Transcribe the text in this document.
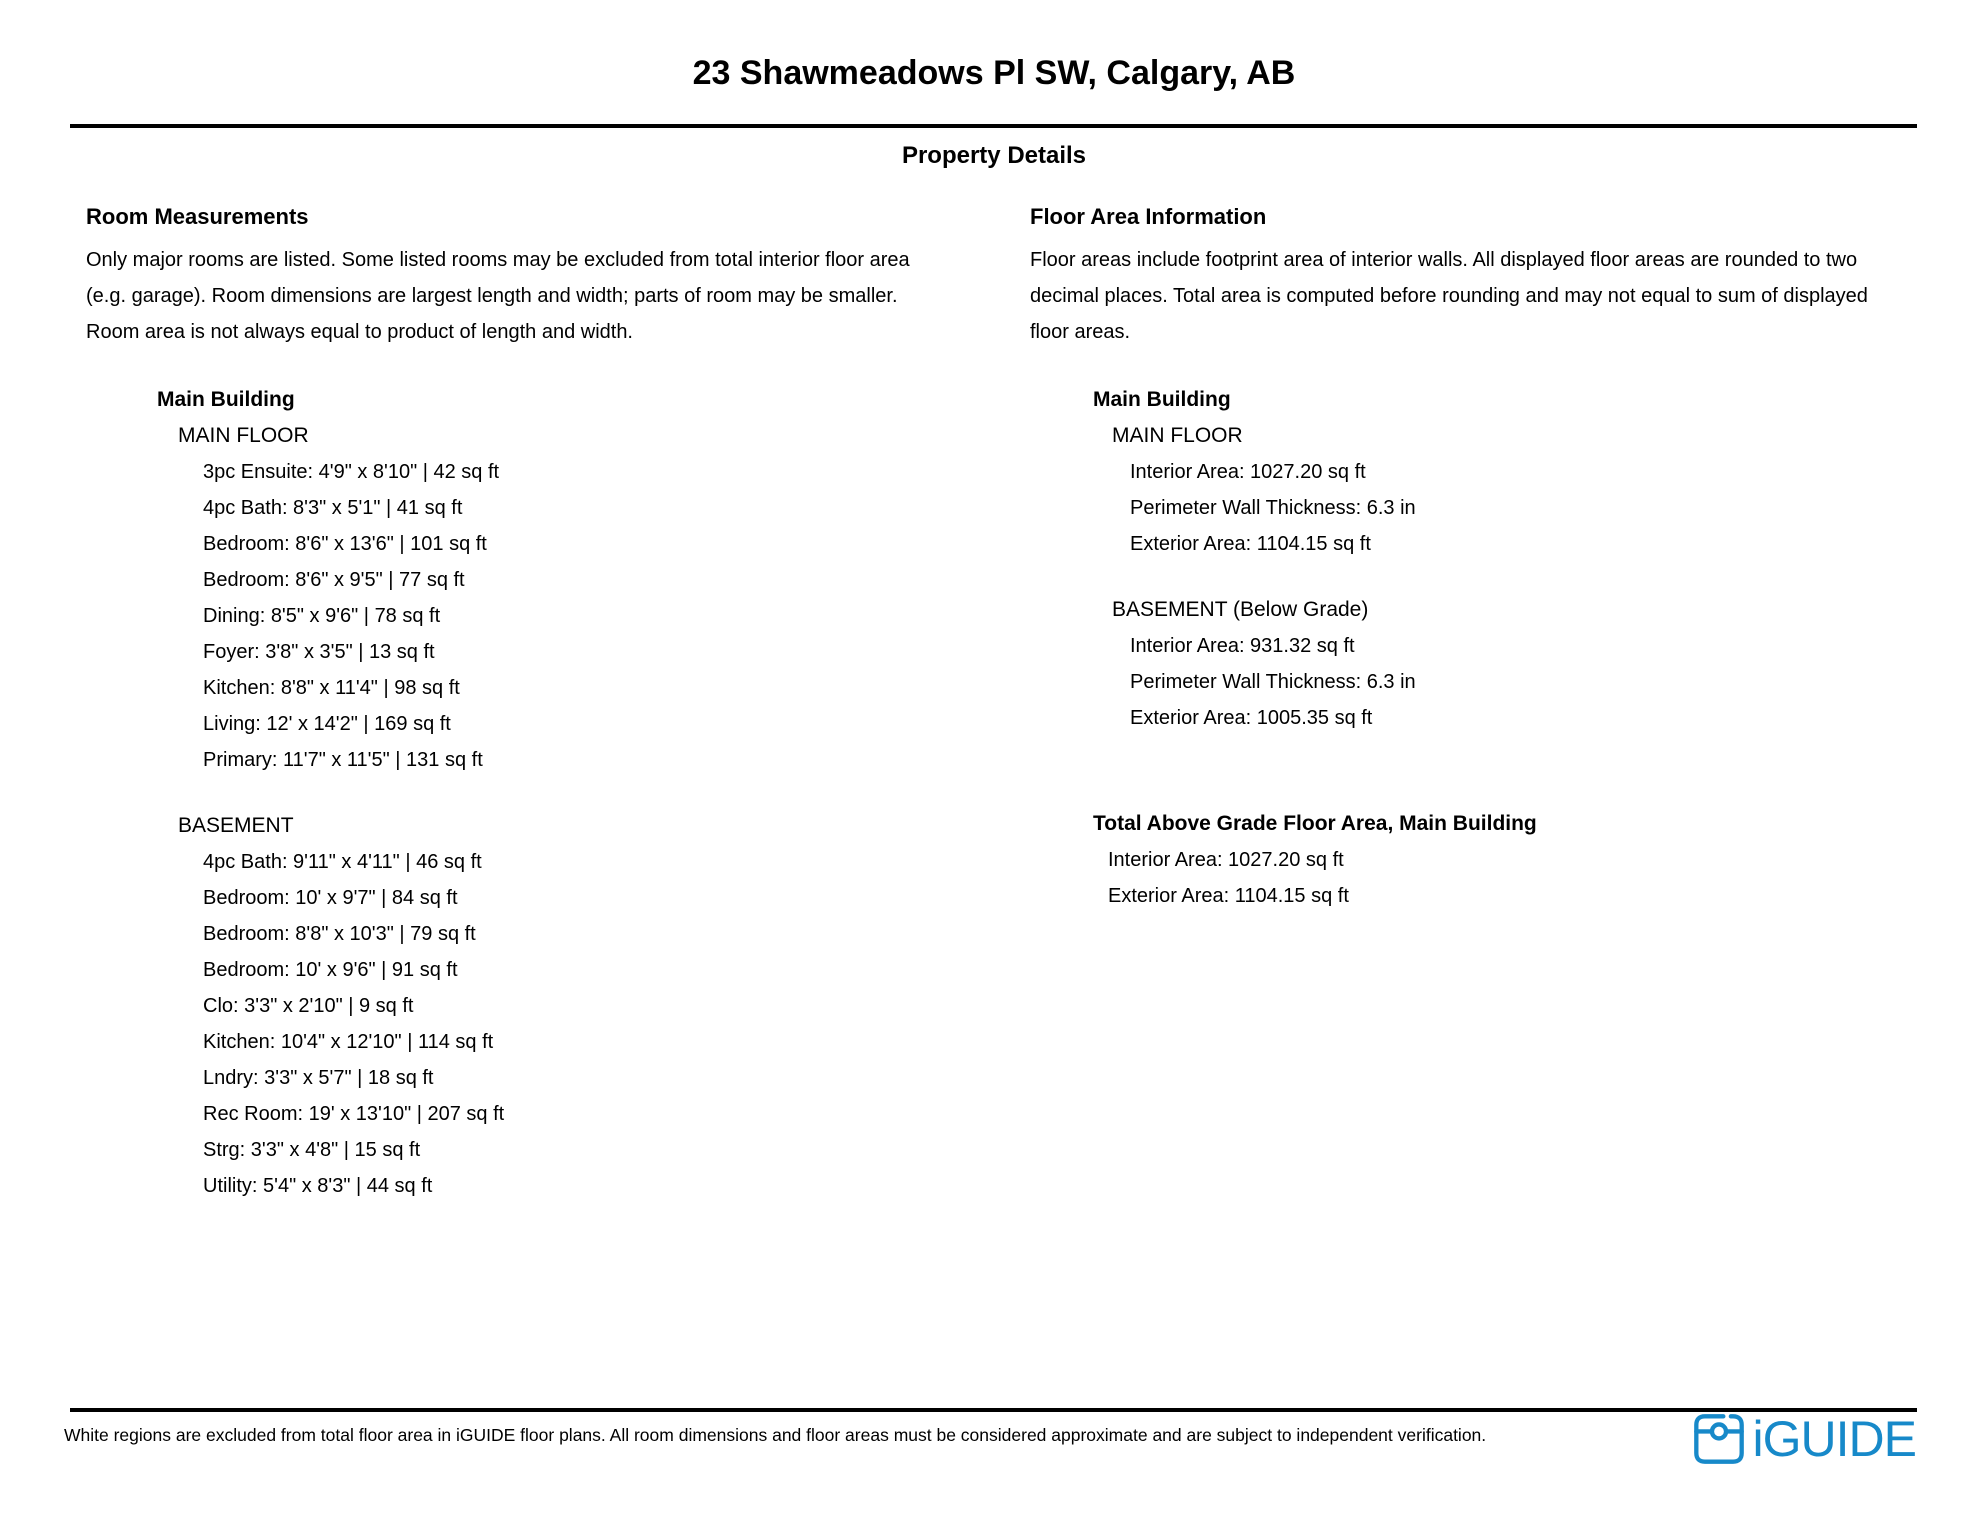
23 Shawmeadows Pl SW, Calgary, AB
Property Details
Room Measurements
Only major rooms are listed. Some listed rooms may be excluded from total interior floor area
(e.g. garage). Room dimensions are largest length and width; parts of room may be smaller.
Room area is not always equal to product of length and width.
Main Building
MAIN FLOOR
3pc Ensuite: 4'9" x 8'10" | 42 sq ft
4pc Bath: 8'3" x 5'1" | 41 sq ft
Bedroom: 8'6" x 13'6" | 101 sq ft
Bedroom: 8'6" x 9'5" | 77 sq ft
Dining: 8'5" x 9'6" | 78 sq ft
Foyer: 3'8" x 3'5" | 13 sq ft
Kitchen: 8'8" x 11'4" | 98 sq ft
Living: 12' x 14'2" | 169 sq ft
Primary: 11'7" x 11'5" | 131 sq ft
BASEMENT
4pc Bath: 9'11" x 4'11" | 46 sq ft
Bedroom: 10' x 9'7" | 84 sq ft
Bedroom: 8'8" x 10'3" | 79 sq ft
Bedroom: 10' x 9'6" | 91 sq ft
Clo: 3'3" x 2'10" | 9 sq ft
Kitchen: 10'4" x 12'10" | 114 sq ft
Lndry: 3'3" x 5'7" | 18 sq ft
Rec Room: 19' x 13'10" | 207 sq ft
Strg: 3'3" x 4'8" | 15 sq ft
Utility: 5'4" x 8'3" | 44 sq ft
Floor Area Information
Floor areas include footprint area of interior walls. All displayed floor areas are rounded to two
decimal places. Total area is computed before rounding and may not equal to sum of displayed
floor areas.
Main Building
MAIN FLOOR
Interior Area: 1027.20 sq ft
Perimeter Wall Thickness: 6.3 in
Exterior Area: 1104.15 sq ft
BASEMENT (Below Grade)
Interior Area: 931.32 sq ft
Perimeter Wall Thickness: 6.3 in
Exterior Area: 1005.35 sq ft
Total Above Grade Floor Area, Main Building
Interior Area: 1027.20 sq ft
Exterior Area: 1104.15 sq ft

White regions are excluded from total floor area in iGUIDE floor plans. All room dimensions and floor areas must be considered approximate and are subject to independent verification.	iGUIDE
